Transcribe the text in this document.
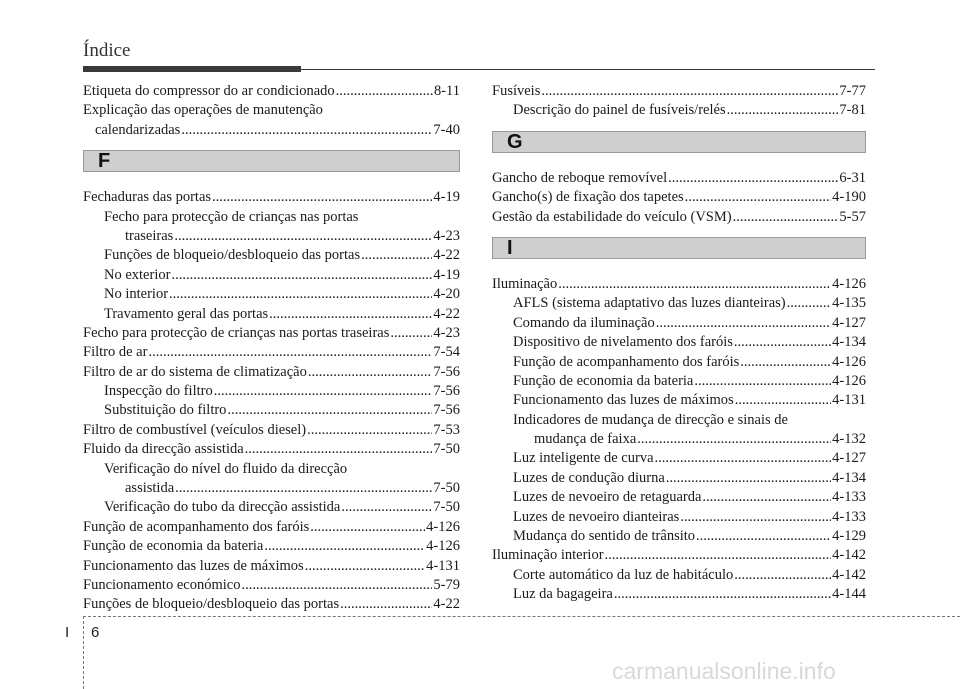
Índice
Etiqueta do compressor do ar condicionado .....	8-11
Explicação das operações de manutenção
calendarizadas .....	7-40
F
Fechaduras das portas .....	4-19
Fecho para protecção de crianças nas portas
traseiras .....	4-23
Funções de bloqueio/desbloqueio das portas .....	4-22
No exterior .....	4-19
No interior .....	4-20
Travamento geral das portas .....	4-22
Fecho para protecção de crianças nas portas traseiras .....	4-23
Filtro de ar .....	7-54
Filtro de ar do sistema de climatização .....	7-56
Inspecção do filtro .....	7-56
Substituição do filtro .....	7-56
Filtro de combustível (veículos diesel) .....	7-53
Fluido da direcção assistida .....	7-50
Verificação do nível do fluido da direcção
assistida .....	7-50
Verificação do tubo da direcção assistida .....	7-50
Função de acompanhamento dos faróis .....	4-126
Função de economia da bateria .....	4-126
Funcionamento das luzes de máximos .....	4-131
Funcionamento económico .....	5-79
Funções de bloqueio/desbloqueio das portas .....	4-22
Fusíveis .....	7-77
Descrição do painel de fusíveis/relés .....	7-81
G
Gancho de reboque removível .....	6-31
Gancho(s) de fixação dos tapetes .....	4-190
Gestão da estabilidade do veículo (VSM) .....	5-57
I
Iluminação .....	4-126
AFLS (sistema adaptativo das luzes dianteiras) .....	4-135
Comando da iluminação .....	4-127
Dispositivo de nivelamento dos faróis .....	4-134
Função de acompanhamento dos faróis .....	4-126
Função de economia da bateria .....	4-126
Funcionamento das luzes de máximos .....	4-131
Indicadores de mudança de direcção e sinais de
mudança de faixa .....	4-132
Luz inteligente de curva .....	4-127
Luzes de condução diurna .....	4-134
Luzes de nevoeiro de retaguarda .....	4-133
Luzes de nevoeiro dianteiras .....	4-133
Mudança do sentido de trânsito .....	4-129
Iluminação interior .....	4-142
Corte automático da luz de habitáculo .....	4-142
Luz da bagageira .....	4-144
I 6
carmanualsonline.info
